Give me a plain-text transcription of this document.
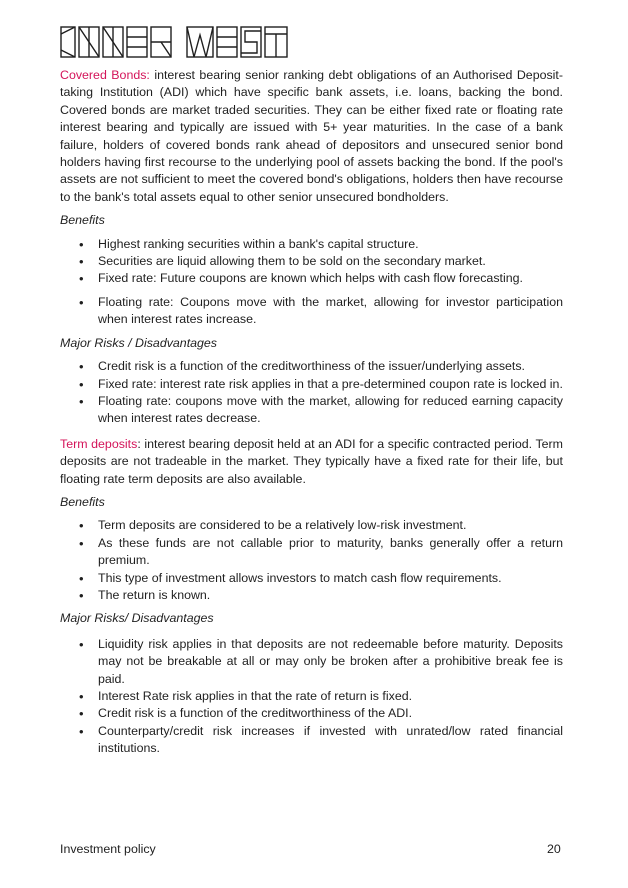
Covered Bonds: interest bearing senior ranking debt obligations of an Authorised Deposit-taking Institution (ADI) which have specific bank assets, i.e. loans, backing the bond. Covered bonds are market traded securities. They can be either fixed rate or floating rate interest bearing and typically are issued with 5+ year maturities. In the case of a bank failure, holders of covered bonds rank ahead of depositors and unsecured senior bond holders having first recourse to the underlying pool of assets backing the bond. If the pool's assets are not sufficient to meet the covered bond's obligations, holders then have recourse to the bank's total assets equal to other senior unsecured bondholders.

Benefits

• Highest ranking securities within a bank's capital structure.
• Securities are liquid allowing them to be sold on the secondary market.
• Fixed rate: Future coupons are known which helps with cash flow forecasting.
• Floating rate: Coupons move with the market, allowing for investor participation when interest rates increase.

Major Risks / Disadvantages

• Credit risk is a function of the creditworthiness of the issuer/underlying assets.
• Fixed rate: interest rate risk applies in that a pre-determined coupon rate is locked in.
• Floating rate: coupons move with the market, allowing for reduced earning capacity when interest rates decrease.

Term deposits: interest bearing deposit held at an ADI for a specific contracted period. Term deposits are not tradeable in the market. They typically have a fixed rate for their life, but floating rate term deposits are also available.

Benefits

• Term deposits are considered to be a relatively low-risk investment.
• As these funds are not callable prior to maturity, banks generally offer a return premium.
• This type of investment allows investors to match cash flow requirements.
• The return is known.

Major Risks/ Disadvantages

• Liquidity risk applies in that deposits are not redeemable before maturity. Deposits may not be breakable at all or may only be broken after a prohibitive break fee is paid.
• Interest Rate risk applies in that the rate of return is fixed.
• Credit risk is a function of the creditworthiness of the ADI.
• Counterparty/credit risk increases if invested with unrated/low rated financial institutions.
Investment policy	20
